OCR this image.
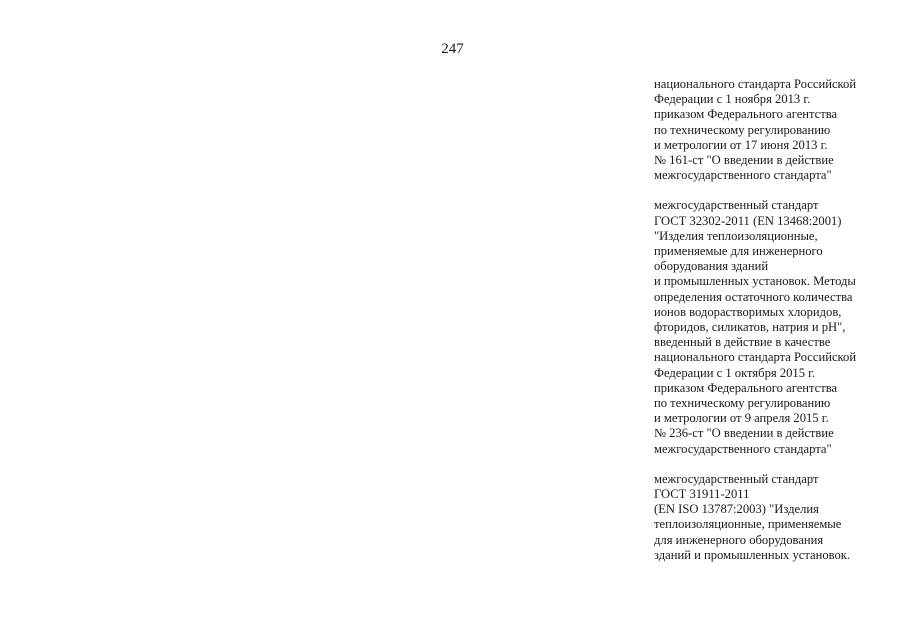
247
национального стандарта Российской
Федерации с 1 ноября 2013 г.
приказом Федерального агентства
по техническому регулированию
и метрологии от 17 июня 2013 г.
№ 161-ст "О введении в действие
межгосударственного стандарта"
межгосударственный стандарт
ГОСТ 32302-2011 (EN 13468:2001)
"Изделия теплоизоляционные,
применяемые для инженерного
оборудования зданий
и промышленных установок. Методы
определения остаточного количества
ионов водорастворимых хлоридов,
фторидов, силикатов, натрия и pH",
введенный в действие в качестве
национального стандарта Российской
Федерации с 1 октября 2015 г.
приказом Федерального агентства
по техническому регулированию
и метрологии от 9 апреля 2015 г.
№ 236-ст "О введении в действие
межгосударственного стандарта"
межгосударственный стандарт
ГОСТ 31911-2011
(EN ISO 13787:2003) "Изделия
теплоизоляционные, применяемые
для инженерного оборудования
зданий и промышленных установок.
